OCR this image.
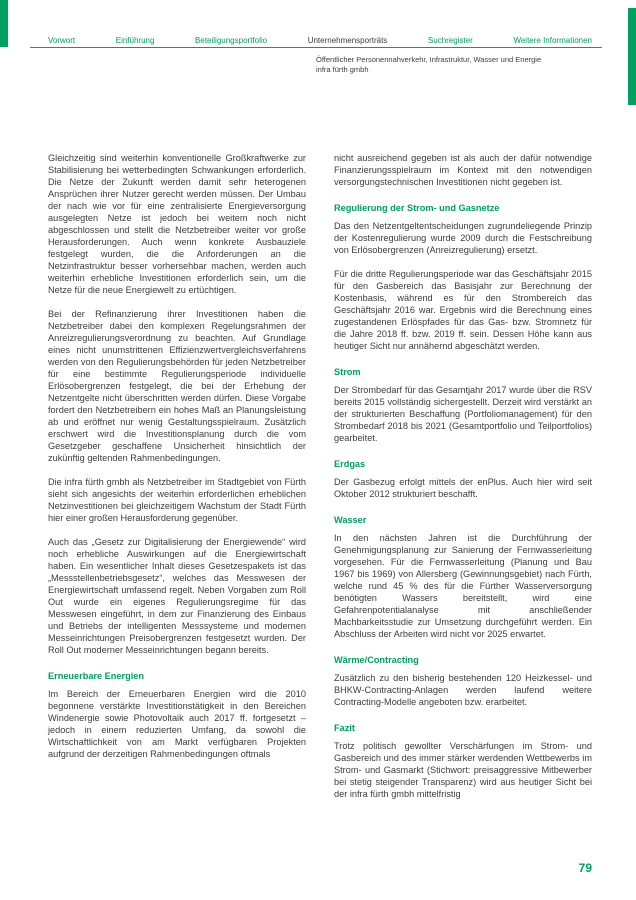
Vorwort	Einführung	Beteiligungsportfolio	Unternehmensporträts	Suchregister	Weitere Informationen
Öffentlicher Personennahverkehr, Infrastruktur, Wasser und Energie
infra fürth gmbh

Gleichzeitig sind weiterhin konventionelle Großkraftwerke zur Stabilisierung bei wetterbedingten Schwankungen erforderlich. Die Netze der Zukunft werden damit sehr heterogenen Ansprüchen ihrer Nutzer gerecht werden müssen. Der Umbau der nach wie vor für eine zentralisierte Energieversorgung ausgelegten Netze ist jedoch bei weitem noch nicht abgeschlossen und stellt die Netzbetreiber weiter vor große Herausforderungen. Auch wenn konkrete Ausbauziele festgelegt wurden, die die Anforderungen an die Netzinfrastruktur besser vorhersehbar machen, werden auch weiterhin erhebliche Investitionen erforderlich sein, um die Netze für die neue Energiewelt zu ertüchtigen.

Bei der Refinanzierung ihrer Investitionen haben die Netzbetreiber dabei den komplexen Regelungsrahmen der Anreizregulierungsverordnung zu beachten. Auf Grundlage eines nicht unumstrittenen Effizienzwertvergleichsverfahrens werden von den Regulierungsbehörden für jeden Netzbetreiber für eine bestimmte Regulierungsperiode individuelle Erlösobergrenzen festgelegt, die bei der Erhebung der Netzentgelte nicht überschritten werden dürfen. Diese Vorgabe fordert den Netzbetreibern ein hohes Maß an Planungsleistung ab und eröffnet nur wenig Gestaltungsspielraum. Zusätzlich erschwert wird die Investitionsplanung durch die vom Gesetzgeber geschaffene Unsicherheit hinsichtlich der zukünftig geltenden Rahmenbedingungen.

Die infra fürth gmbh als Netzbetreiber im Stadtgebiet von Fürth sieht sich angesichts der weiterhin erforderlichen erheblichen Netzinvestitionen bei gleichzeitigem Wachstum der Stadt Fürth hier einer großen Herausforderung gegenüber.

Auch das „Gesetz zur Digitalisierung der Energiewende“ wird noch erhebliche Auswirkungen auf die Energiewirtschaft haben. Ein wesentlicher Inhalt dieses Gesetzespakets ist das „Messstellenbetriebsgesetz“, welches das Messwesen der Energiewirtschaft umfassend regelt. Neben Vorgaben zum Roll Out wurde ein eigenes Regulierungsregime für das Messwesen eingeführt, in dem zur Finanzierung des Einbaus und Betriebs der intelligenten Messsysteme und modernen Messeinrichtungen Preisobergrenzen festgesetzt wurden. Der Roll Out moderner Messeinrichtungen begann bereits.

Erneuerbare Energien

Im Bereich der Erneuerbaren Energien wird die 2010 begonnene verstärkte Investitionstätigkeit in den Bereichen Windenergie sowie Photovoltaik auch 2017 ff. fortgesetzt – jedoch in einem reduzierten Umfang, da sowohl die Wirtschaftlichkeit von am Markt verfügbaren Projekten aufgrund der derzeitigen Rahmenbedingungen oftmals

nicht ausreichend gegeben ist als auch der dafür notwendige Finanzierungsspielraum im Kontext mit den notwendigen versorgungstechnischen Investitionen nicht gegeben ist.

Regulierung der Strom- und Gasnetze

Das den Netzentgeltentscheidungen zugrundeliegende Prinzip der Kostenregulierung wurde 2009 durch die Festschreibung von Erlösobergrenzen (Anreizregulierung) ersetzt.

Für die dritte Regulierungsperiode war das Geschäftsjahr 2015 für den Gasbereich das Basisjahr zur Berechnung der Kostenbasis, während es für den Strombereich das Geschäftsjahr 2016 war. Ergebnis wird die Berechnung eines zugestandenen Erlöspfades für das Gas- bzw. Stromnetz für die Jahre 2018 ff. bzw. 2019 ff. sein. Dessen Höhe kann aus heutiger Sicht nur annähernd abgeschätzt werden.

Strom

Der Strombedarf für das Gesamtjahr 2017 wurde über die RSV bereits 2015 vollständig sichergestellt. Derzeit wird verstärkt an der strukturierten Beschaffung (Portfoliomanagement) für den Strombedarf 2018 bis 2021 (Gesamtportfolio und Teilportfolios) gearbeitet.

Erdgas

Der Gasbezug erfolgt mittels der enPlus. Auch hier wird seit Oktober 2012 strukturiert beschafft.

Wasser

In den nächsten Jahren ist die Durchführung der Genehmigungsplanung zur Sanierung der Fernwasserleitung vorgesehen. Für die Fernwasserleitung (Planung und Bau 1967 bis 1969) von Allersberg (Gewinnungsgebiet) nach Fürth, welche rund 45 % des für die Fürther Wasserversorgung benötigten Wassers bereitstellt, wird eine Gefahrenpotentialanalyse mit anschließender Machbarkeitsstudie zur Umsetzung durchgeführt werden. Ein Abschluss der Arbeiten wird nicht vor 2025 erwartet.

Wärme/Contracting

Zusätzlich zu den bisherig bestehenden 120 Heizkessel- und BHKW-Contracting-Anlagen werden laufend weitere Contracting-Modelle angeboten bzw. erarbeitet.

Fazit

Trotz politisch gewollter Verschärfungen im Strom- und Gasbereich und des immer stärker werdenden Wettbewerbs im Strom- und Gasmarkt (Stichwort: preisaggressive Mitbewerber bei stetig steigender Transparenz) wird aus heutiger Sicht bei der infra fürth gmbh mittelfristig

79
